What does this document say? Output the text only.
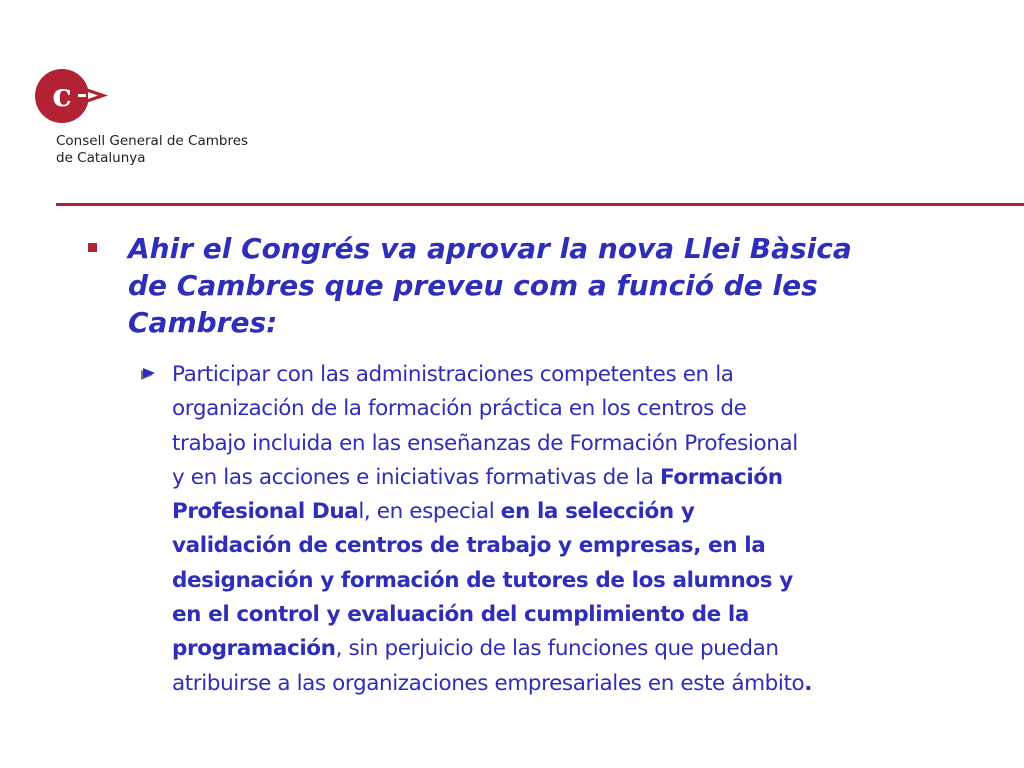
c
Consell General de Cambres
de Catalunya
Ahir el Congrés va aprovar la nova Llei Bàsica
de Cambres que preveu com a funció de les
Cambres:
Participar con las administraciones competentes en la
organización de la formación práctica en los centros de
trabajo incluida en las enseñanzas de Formación Profesional
y en las acciones e iniciativas formativas de la Formación
Profesional Dual, en especial en la selección y
validación de centros de trabajo y empresas, en la
designación y formación de tutores de los alumnos y
en el control y evaluación del cumplimiento de la
programación, sin perjuicio de las funciones que puedan
atribuirse a las organizaciones empresariales en este ámbito.
